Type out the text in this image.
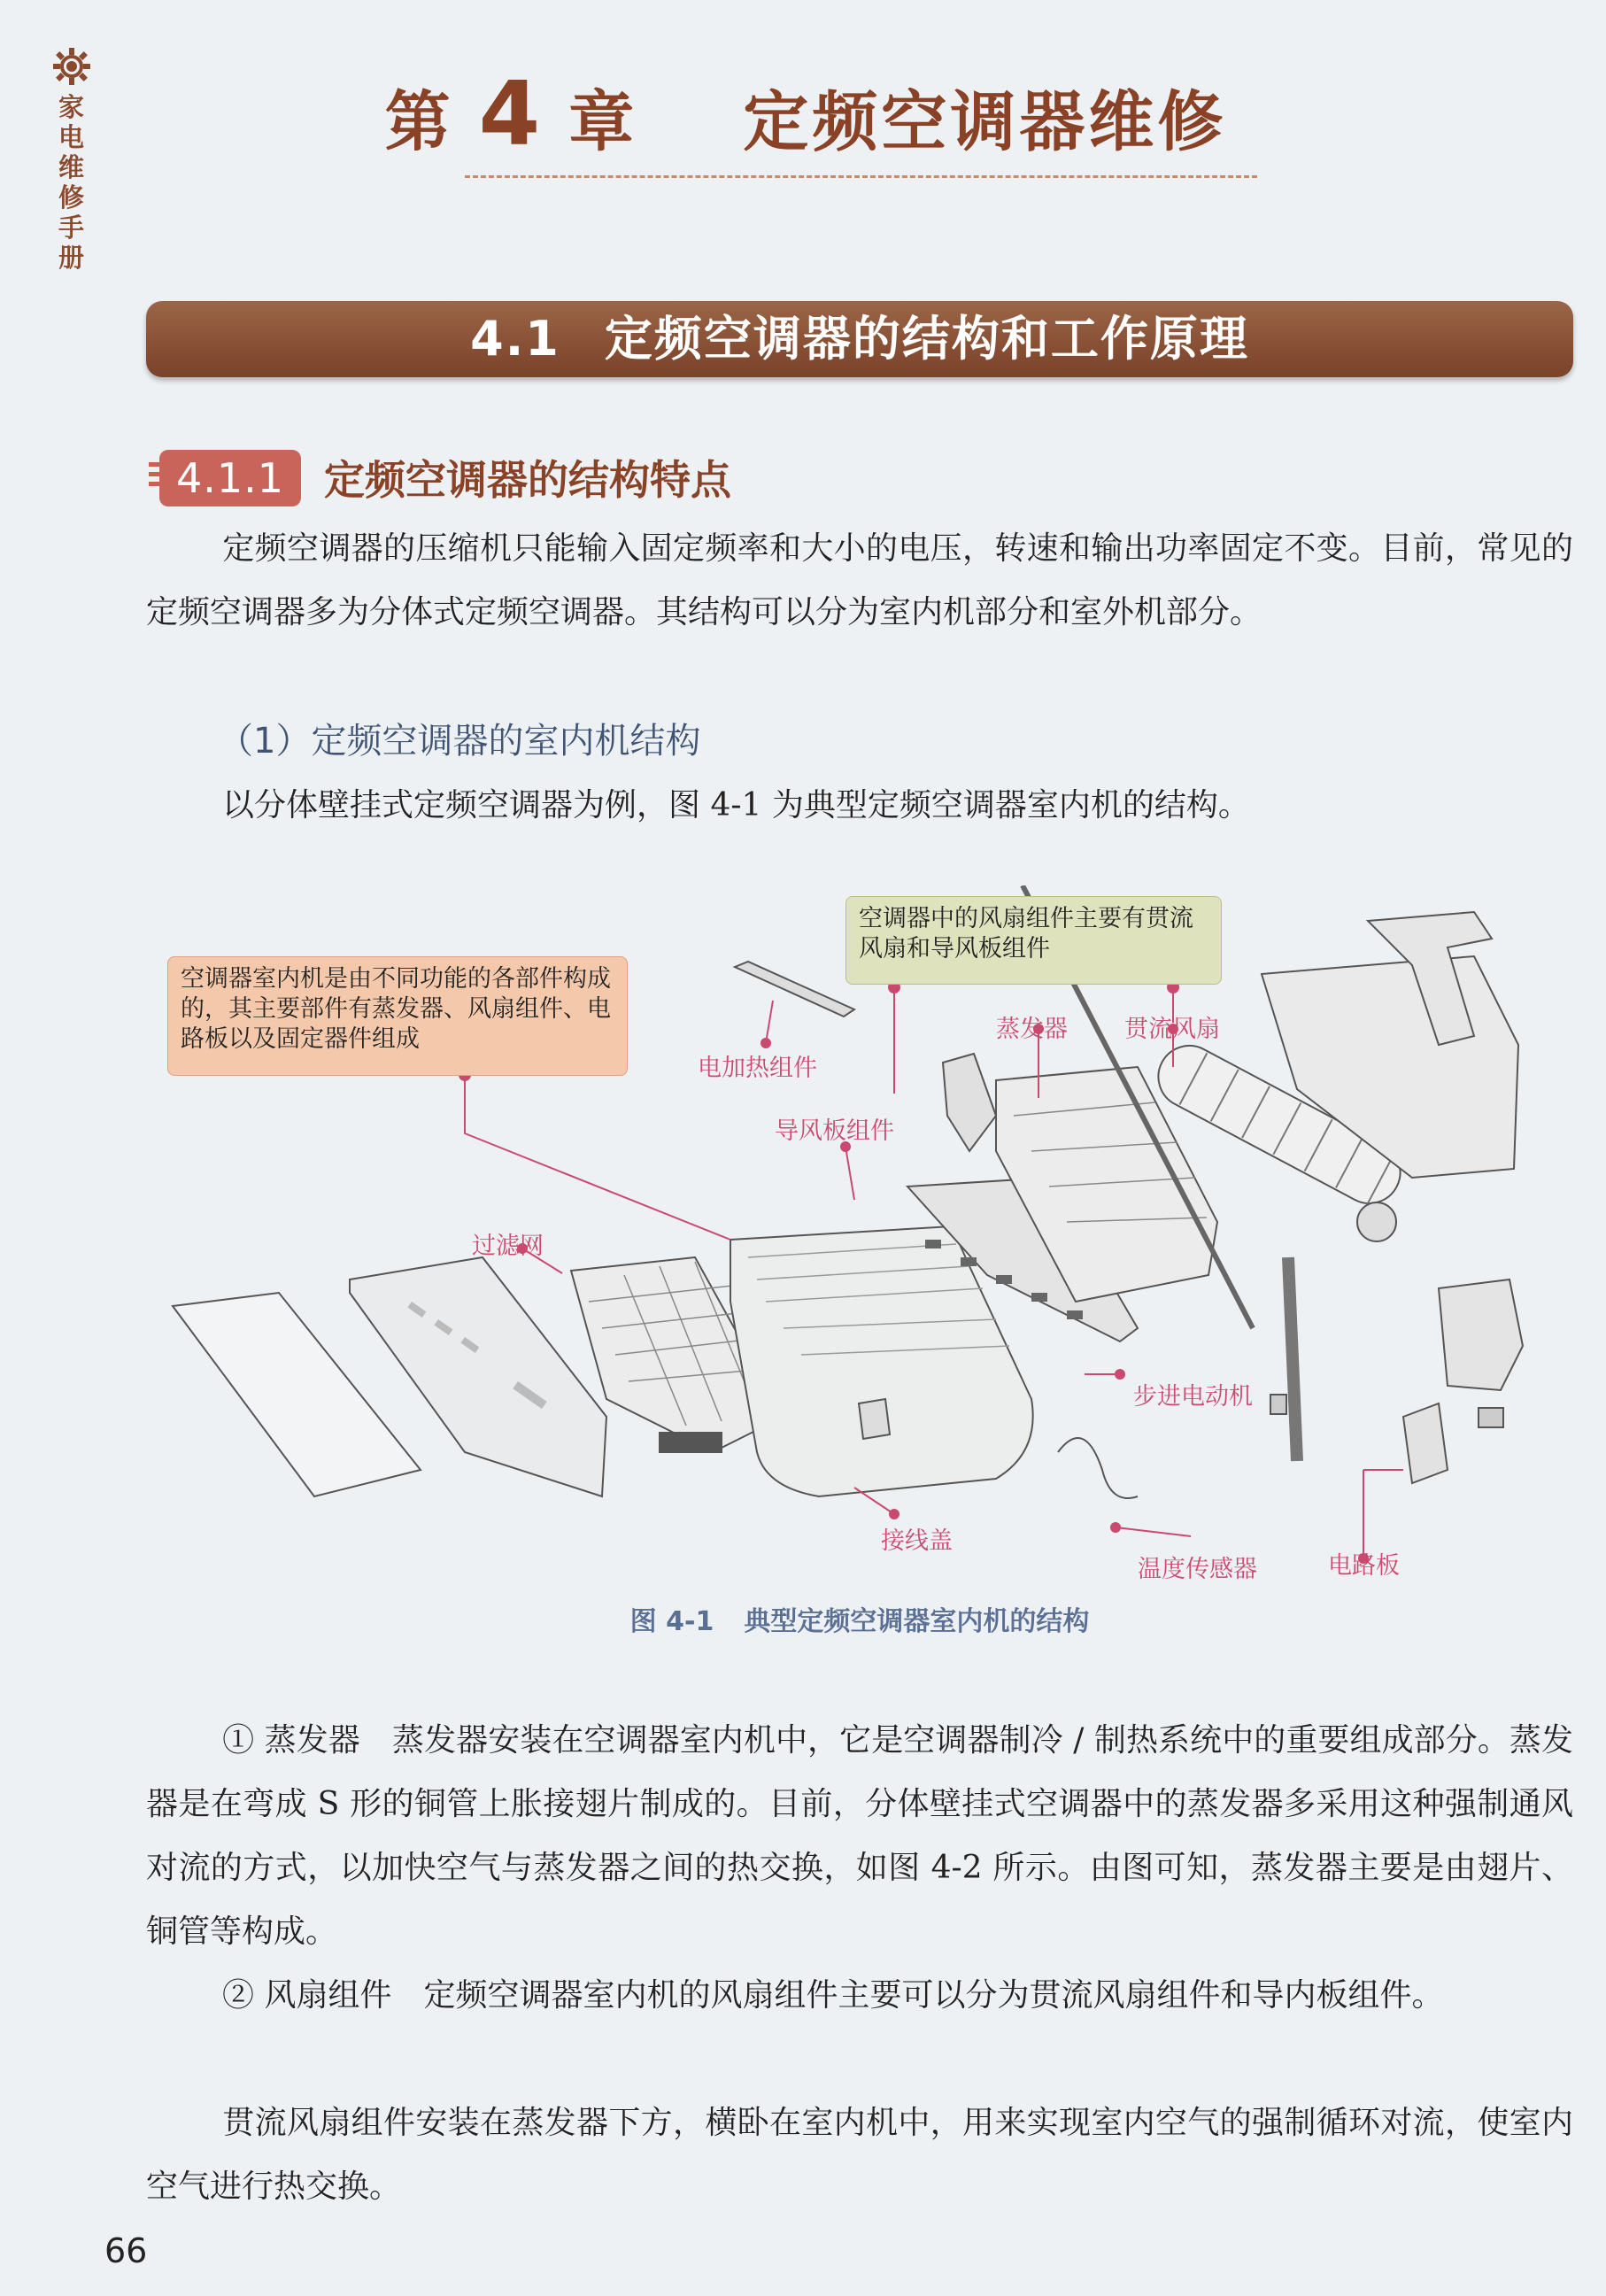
家电维修手册
第 4 章 定频空调器维修
4.1 定频空调器的结构和工作原理
4.1.1 定频空调器的结构特点
定频空调器的压缩机只能输入固定频率和大小的电压，转速和输出功率固定不变。目前，常见的定频空调器多为分体式定频空调器。其结构可以分为室内机部分和室外机部分。
（1）定频空调器的室内机结构
以分体壁挂式定频空调器为例，图 4-1 为典型定频空调器室内机的结构。
空调器室内机是由不同功能的各部件构成的，其主要部件有蒸发器、风扇组件、电路板以及固定器件组成
空调器中的风扇组件主要有贯流风扇和导风板组件
电加热组件
导风板组件
蒸发器 贯流风扇
过滤网
步进电动机
接线盖
温度传感器	电路板
图 4-1 典型定频空调器室内机的结构
① 蒸发器　蒸发器安装在空调器室内机中，它是空调器制冷 / 制热系统中的重要组成部分。蒸发器是在弯成 S 形的铜管上胀接翅片制成的。目前，分体壁挂式空调器中的蒸发器多采用这种强制通风对流的方式，以加快空气与蒸发器之间的热交换，如图 4-2 所示。由图可知，蒸发器主要是由翅片、铜管等构成。
② 风扇组件　定频空调器室内机的风扇组件主要可以分为贯流风扇组件和导内板组件。
贯流风扇组件安装在蒸发器下方，横卧在室内机中，用来实现室内空气的强制循环对流，使室内空气进行热交换。
66
